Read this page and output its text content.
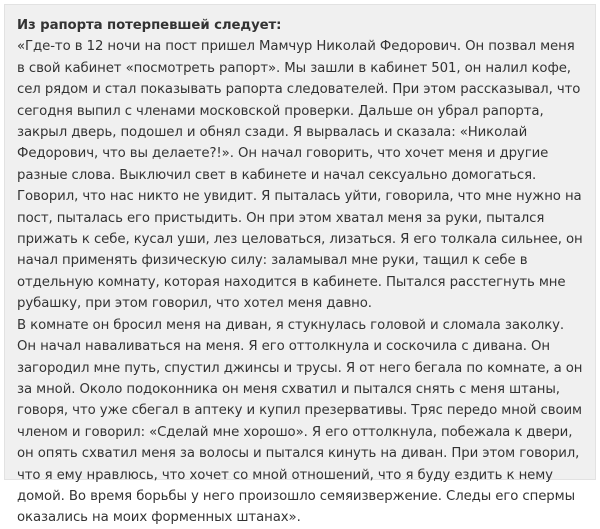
Из рапорта потерпевшей следует:

«Где-то в 12 ночи на пост пришел Мамчур Николай Федорович. Он позвал меня в свой кабинет «посмотреть рапорт». Мы зашли в кабинет 501, он налил кофе, сел рядом и стал показывать рапорта следователей. При этом рассказывал, что сегодня выпил с членами московской проверки. Дальше он убрал рапорта, закрыл дверь, подошел и обнял сзади. Я вырвалась и сказала: «Николай Федорович, что вы делаете?!». Он начал говорить, что хочет меня и другие разные слова. Выключил свет в кабинете и начал сексуально домогаться. Говорил, что нас никто не увидит. Я пыталась уйти, говорила, что мне нужно на пост, пыталась его пристыдить. Он при этом хватал меня за руки, пытался прижать к себе, кусал уши, лез целоваться, лизаться. Я его толкала сильнее, он начал применять физическую силу: заламывал мне руки, тащил к себе в отдельную комнату, которая находится в кабинете. Пытался расстегнуть мне рубашку, при этом говорил, что хотел меня давно.

В комнате он бросил меня на диван, я стукнулась головой и сломала заколку. Он начал наваливаться на меня. Я его оттолкнула и соскочила с дивана. Он загородил мне путь, спустил джинсы и трусы. Я от него бегала по комнате, а он за мной. Около подоконника он меня схватил и пытался снять с меня штаны, говоря, что уже сбегал в аптеку и купил презервативы. Тряс передо мной своим членом и говорил: «Сделай мне хорошо». Я его оттолкнула, побежала к двери, он опять схватил меня за волосы и пытался кинуть на диван. При этом говорил, что я ему нравлюсь, что хочет со мной отношений, что я буду ездить к нему домой. Во время борьбы у него произошло семяизвержение. Следы его спермы оказались на моих форменных штанах».
